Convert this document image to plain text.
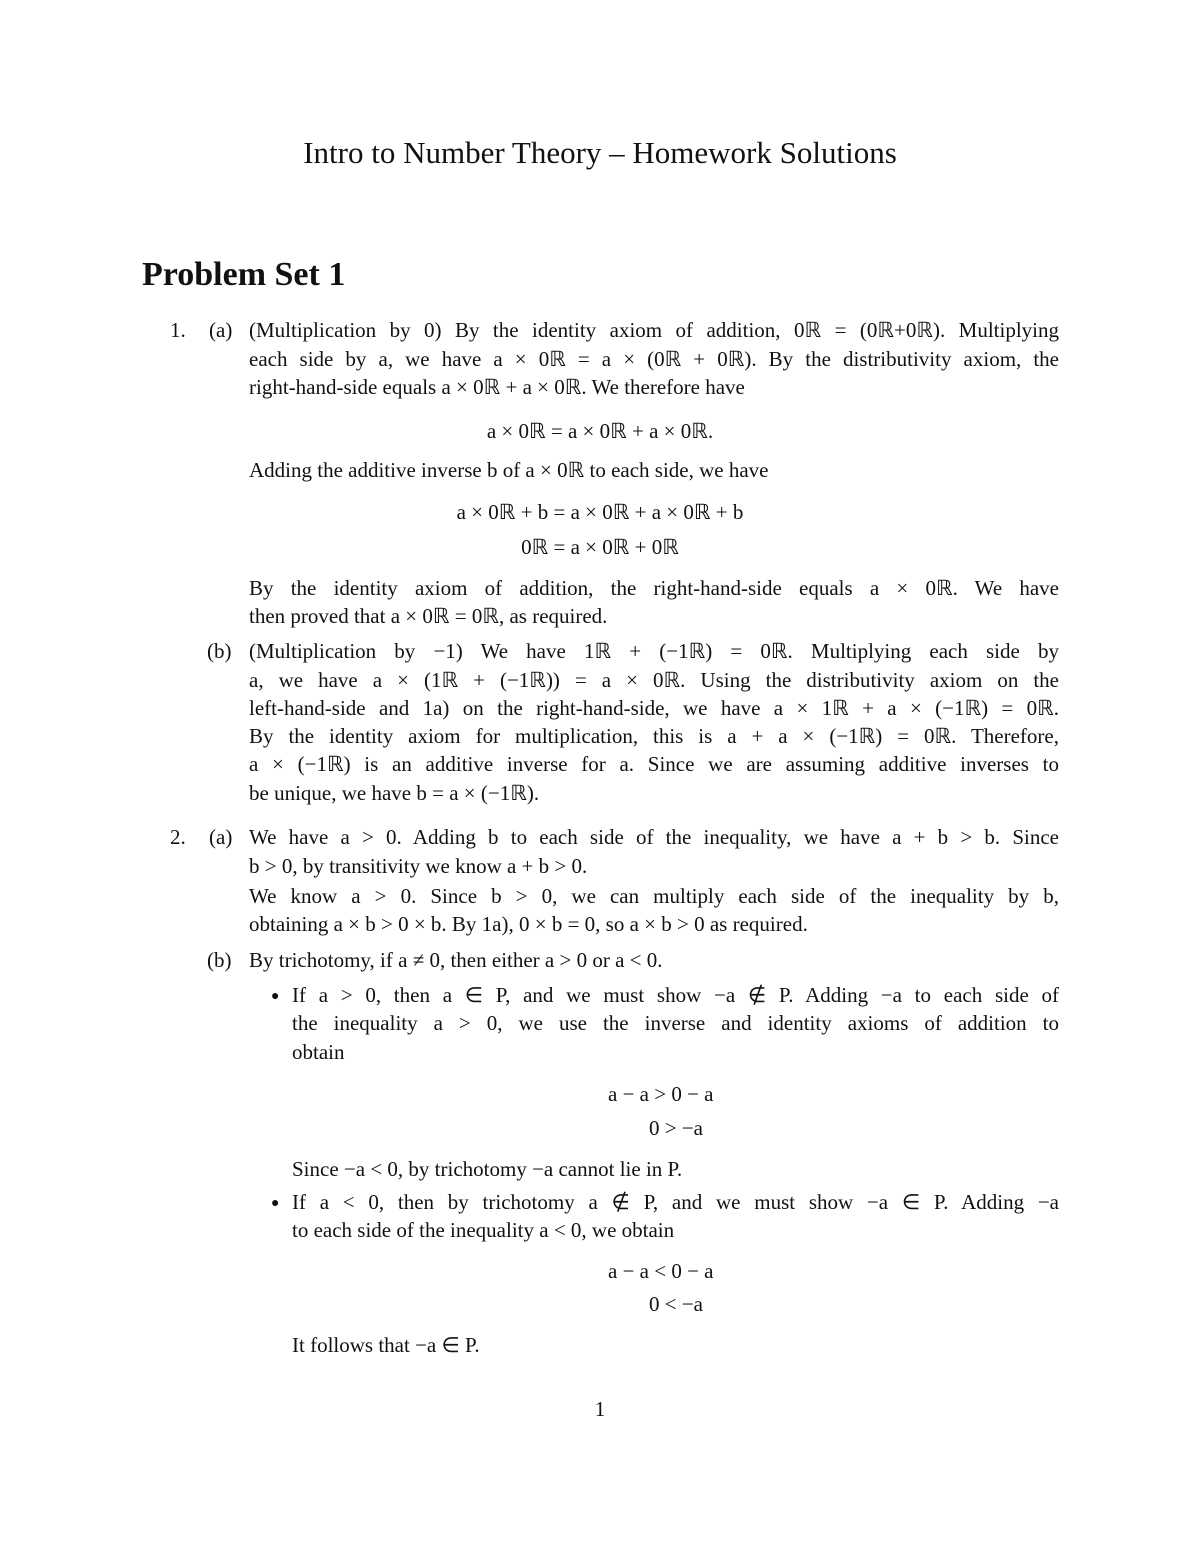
Intro to Number Theory – Homework Solutions
Problem Set 1
1. (a) (Multiplication by 0) By the identity axiom of addition, 0ℝ = (0ℝ+0ℝ). Multiplying
each side by a, we have a × 0ℝ = a × (0ℝ + 0ℝ). By the distributivity axiom, the
right-hand-side equals a × 0ℝ + a × 0ℝ. We therefore have
a × 0ℝ = a × 0ℝ + a × 0ℝ.
Adding the additive inverse b of a × 0ℝ to each side, we have
a × 0ℝ + b = a × 0ℝ + a × 0ℝ + b
0ℝ = a × 0ℝ + 0ℝ
By the identity axiom of addition, the right-hand-side equals a × 0ℝ. We have
then proved that a × 0ℝ = 0ℝ, as required.
(b) (Multiplication by −1) We have 1ℝ + (−1ℝ) = 0ℝ. Multiplying each side by
a, we have a × (1ℝ + (−1ℝ)) = a × 0ℝ. Using the distributivity axiom on the
left-hand-side and 1a) on the right-hand-side, we have a × 1ℝ + a × (−1ℝ) = 0ℝ.
By the identity axiom for multiplication, this is a + a × (−1ℝ) = 0ℝ. Therefore,
a × (−1ℝ) is an additive inverse for a. Since we are assuming additive inverses to
be unique, we have b = a × (−1ℝ).
2. (a) We have a > 0. Adding b to each side of the inequality, we have a + b > b. Since
b > 0, by transitivity we know a + b > 0.
We know a > 0. Since b > 0, we can multiply each side of the inequality by b,
obtaining a × b > 0 × b. By 1a), 0 × b = 0, so a × b > 0 as required.
(b) By trichotomy, if a ≠ 0, then either a > 0 or a < 0.
● If a > 0, then a ∈ P, and we must show −a ∉ P. Adding −a to each side of
the inequality a > 0, we use the inverse and identity axioms of addition to
obtain
a − a > 0 − a
0 > −a
Since −a < 0, by trichotomy −a cannot lie in P.
● If a < 0, then by trichotomy a ∉ P, and we must show −a ∈ P. Adding −a
to each side of the inequality a < 0, we obtain
a − a < 0 − a
0 < −a
It follows that −a ∈ P.
1
